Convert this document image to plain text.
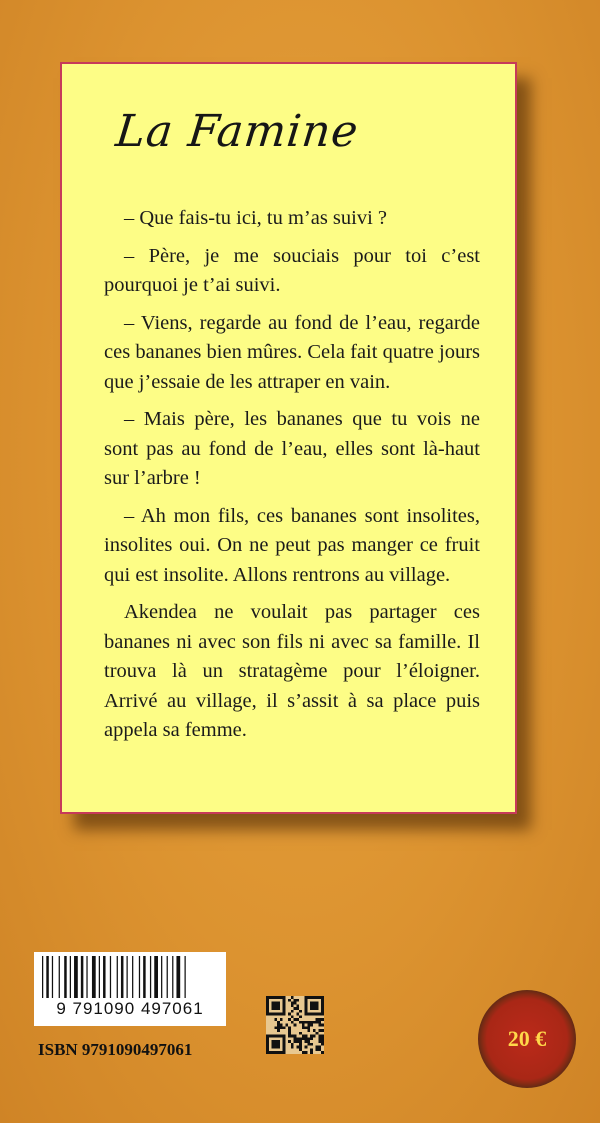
La Famine

– Que fais-tu ici, tu m’as suivi ?

– Père, je me souciais pour toi c’est pourquoi je t’ai suivi.

– Viens, regarde au fond de l’eau, regarde ces bananes bien mûres. Cela fait quatre jours que j’essaie de les attraper en vain.

– Mais père, les bananes que tu vois ne sont pas au fond de l’eau, elles sont là-haut sur l’arbre !

– Ah mon fils, ces bananes sont insolites, insolites oui. On ne peut pas manger ce fruit qui est insolite. Allons rentrons au village.

Akendea ne voulait pas partager ces bananes ni avec son fils ni avec sa famille. Il trouva là un stratagème pour l’éloigner. Arrivé au village, il s’assit à sa place puis appela sa femme.

9 791090 497061
ISBN 9791090497061	20 €
